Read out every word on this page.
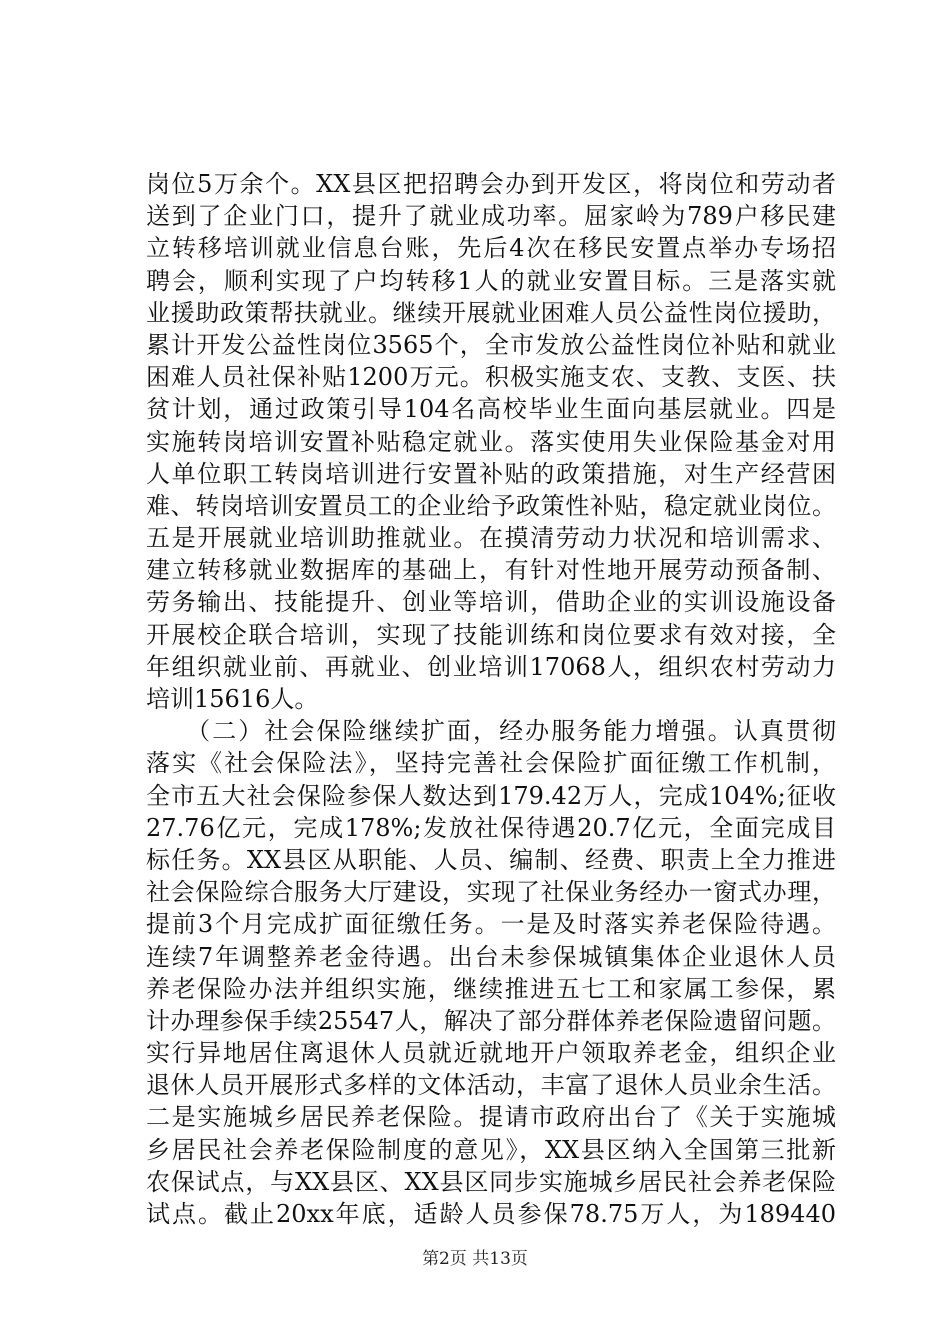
岗位5万余个。XX县区把招聘会办到开发区，将岗位和劳动者
送到了企业门口，提升了就业成功率。屈家岭为789户移民建
立转移培训就业信息台账，先后4次在移民安置点举办专场招
聘会，顺利实现了户均转移1人的就业安置目标。三是落实就
业援助政策帮扶就业。继续开展就业困难人员公益性岗位援助，
累计开发公益性岗位3565个，全市发放公益性岗位补贴和就业
困难人员社保补贴1200万元。积极实施支农、支教、支医、扶
贫计划，通过政策引导104名高校毕业生面向基层就业。四是
实施转岗培训安置补贴稳定就业。落实使用失业保险基金对用
人单位职工转岗培训进行安置补贴的政策措施，对生产经营困
难、转岗培训安置员工的企业给予政策性补贴，稳定就业岗位。
五是开展就业培训助推就业。在摸清劳动力状况和培训需求、
建立转移就业数据库的基础上，有针对性地开展劳动预备制、
劳务输出、技能提升、创业等培训，借助企业的实训设施设备
开展校企联合培训，实现了技能训练和岗位要求有效对接，全
年组织就业前、再就业、创业培训17068人，组织农村劳动力
培训15616人。
　　（二）社会保险继续扩面，经办服务能力增强。认真贯彻
落实《社会保险法》，坚持完善社会保险扩面征缴工作机制，
全市五大社会保险参保人数达到179.42万人，完成104%;征收
27.76亿元，完成178%;发放社保待遇20.7亿元，全面完成目
标任务。XX县区从职能、人员、编制、经费、职责上全力推进
社会保险综合服务大厅建设，实现了社保业务经办一窗式办理，
提前3个月完成扩面征缴任务。一是及时落实养老保险待遇。
连续7年调整养老金待遇。出台未参保城镇集体企业退休人员
养老保险办法并组织实施，继续推进五七工和家属工参保，累
计办理参保手续25547人，解决了部分群体养老保险遗留问题。
实行异地居住离退休人员就近就地开户领取养老金，组织企业
退休人员开展形式多样的文体活动，丰富了退休人员业余生活。
二是实施城乡居民养老保险。提请市政府出台了《关于实施城
乡居民社会养老保险制度的意见》，XX县区纳入全国第三批新
农保试点，与XX县区、XX县区同步实施城乡居民社会养老保险
试点。截止20xx年底，适龄人员参保78.75万人，为189440
第2页 共13页
